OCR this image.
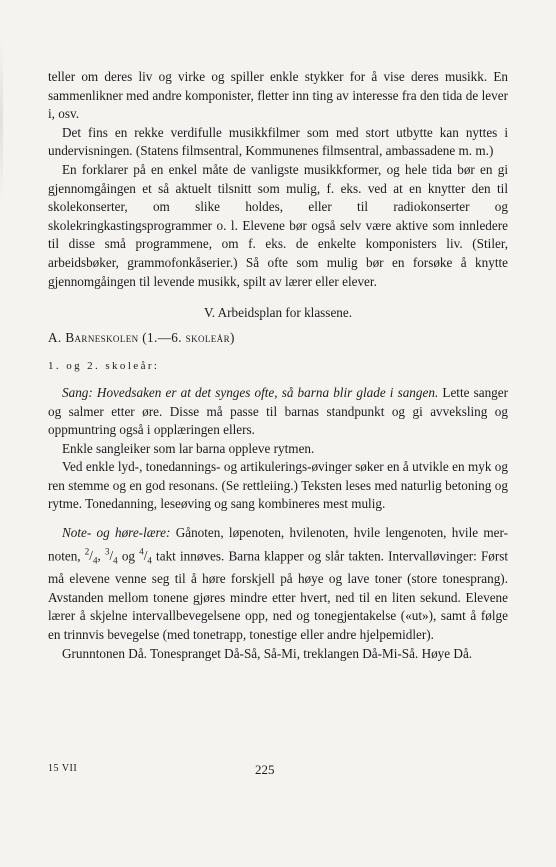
teller om deres liv og virke og spiller enkle stykker for å vise deres musikk. En sammenlikner med andre komponister, fletter inn ting av interesse fra den tida de lever i, osv.

Det fins en rekke verdifulle musikkfilmer som med stort utbytte kan nyttes i undervisningen. (Statens filmsentral, Kommunenes filmsentral, ambassadene m. m.)

En forklarer på en enkel måte de vanligste musikkformer, og hele tida bør en gi gjennomgåingen et så aktuelt tilsnitt som mulig, f. eks. ved at en knytter den til skolekonserter, om slike holdes, eller til radiokonserter og skolekringkastingsprogrammer o. l. Elevene bør også selv være aktive som innledere til disse små programmene, om f. eks. de enkelte komponisters liv. (Stiler, arbeidsbøker, grammofonkåserier.) Så ofte som mulig bør en forsøke å knytte gjennomgåingen til levende musikk, spilt av lærer eller elever.

V. Arbeidsplan for klassene.
A. Barneskolen (1.—6. skoleår)
1. og 2. skoleår:

Sang: Hovedsaken er at det synges ofte, så barna blir glade i sangen. Lette sanger og salmer etter øre. Disse må passe til barnas standpunkt og gi avveksling og oppmuntring også i opplæringen ellers.

Enkle sangleiker som lar barna oppleve rytmen.

Ved enkle lyd-, tonedannings- og artikulerings-øvinger søker en å utvikle en myk og ren stemme og en god resonans. (Se rettleiing.) Teksten leses med naturlig betoning og rytme. Tonedanning, leseøving og sang kombineres mest mulig.

Note- og høre-lære: Gånoten, løpenoten, hvilenoten, hvile lengenoten, hvile mer-noten, $^2/_4$, $^3/_4$ og $^4/_4$ takt innøves. Barna klapper og slår takten. Intervalløvinger: Først må elevene venne seg til å høre forskjell på høye og lave toner (store tonesprang). Avstanden mellom tonene gjøres mindre etter hvert, ned til en liten sekund. Elevene lærer å skjelne intervallbevegelsene opp, ned og tonegjentakelse («ut»), samt å følge en trinnvis bevegelse (med tonetrapp, tonestige eller andre hjelpemidler).

Grunntonen Då. Tonespranget Då-Så, Så-Mi, treklangen Då-Mi-Så. Høye Då.

15 VII	225
